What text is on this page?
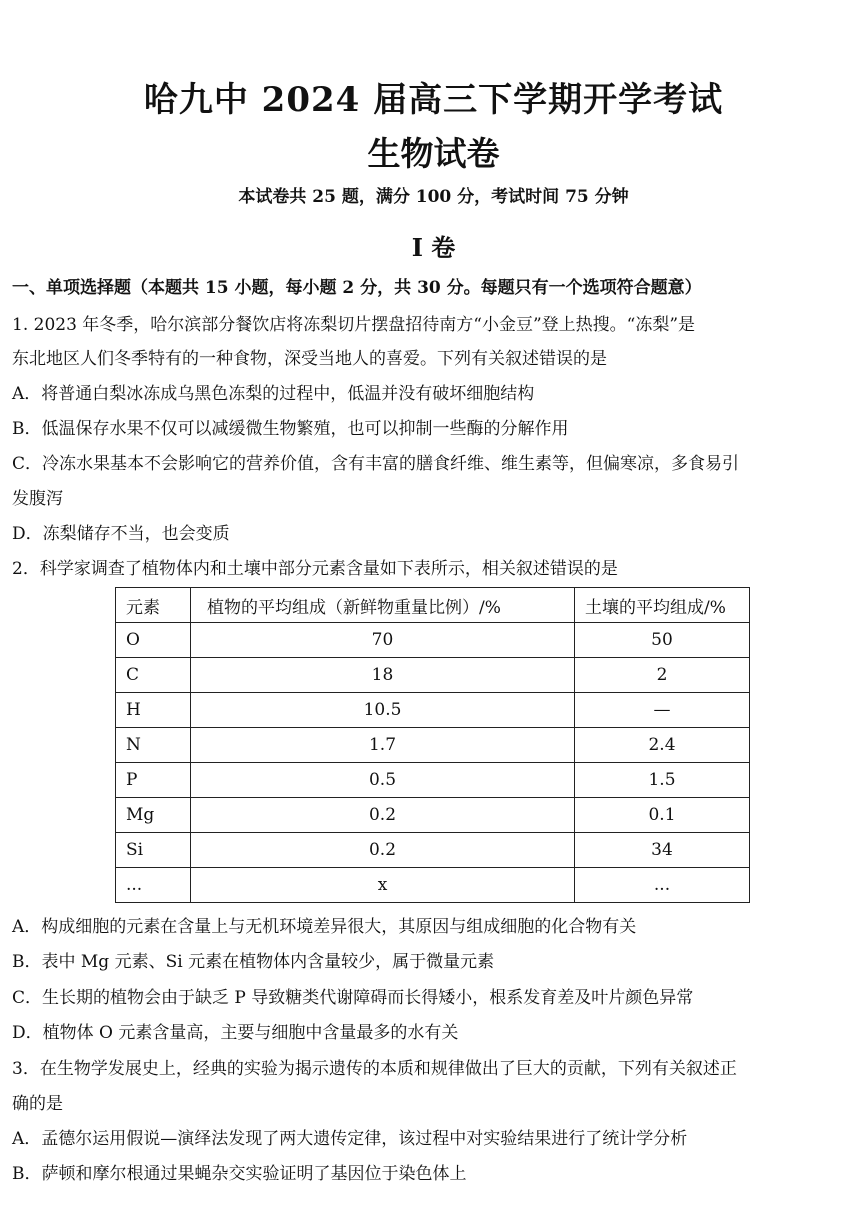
哈九中 2024 届高三下学期开学考试
生物试卷
本试卷共 25 题，满分 100 分，考试时间 75 分钟
I 卷
一、单项选择题（本题共 15 小题，每小题 2 分，共 30 分。每题只有一个选项符合题意）
1. 2023 年冬季，哈尔滨部分餐饮店将冻梨切片摆盘招待南方“小金豆”登上热搜。“冻梨”是
东北地区人们冬季特有的一种食物，深受当地人的喜爱。下列有关叙述错误的是
A．将普通白梨冰冻成乌黑色冻梨的过程中，低温并没有破坏细胞结构
B．低温保存水果不仅可以减缓微生物繁殖，也可以抑制一些酶的分解作用
C．冷冻水果基本不会影响它的营养价值，含有丰富的膳食纤维、维生素等，但偏寒凉，多食易引
发腹泻
D．冻梨储存不当，也会变质
2．科学家调查了植物体内和土壤中部分元素含量如下表所示，相关叙述错误的是
元素	植物的平均组成（新鲜物重量比例）/%	土壤的平均组成/%
O	70	50
C	18	2
H	10.5	—
N	1.7	2.4
P	0.5	1.5
Mg	0.2	0.1
Si	0.2	34
...	x	...
A．构成细胞的元素在含量上与无机环境差异很大，其原因与组成细胞的化合物有关
B．表中 Mg 元素、Si 元素在植物体内含量较少，属于微量元素
C．生长期的植物会由于缺乏 P 导致糖类代谢障碍而长得矮小，根系发育差及叶片颜色异常
D．植物体 O 元素含量高，主要与细胞中含量最多的水有关
3．在生物学发展史上，经典的实验为揭示遗传的本质和规律做出了巨大的贡献，下列有关叙述正
确的是
A．孟德尔运用假说—演绎法发现了两大遗传定律，该过程中对实验结果进行了统计学分析
B．萨顿和摩尔根通过果蝇杂交实验证明了基因位于染色体上
